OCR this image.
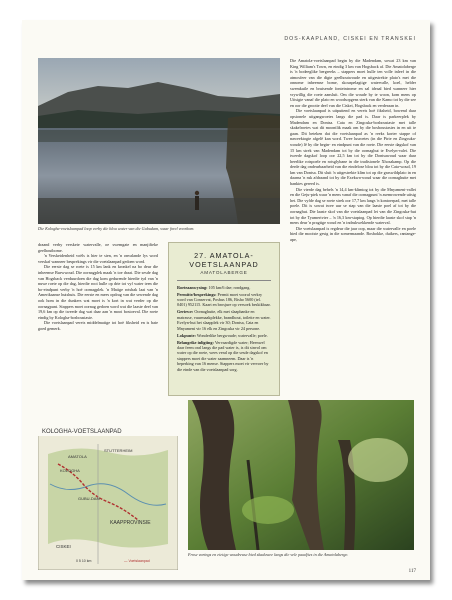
DOS-KAAPLAND, CISKEI EN TRANSKEI
Die Kologha-voetslaanpad loop verby die blou water van die Gubudam, waar forel voorkom.

draand verby verskeie watervalle, oe swemgate en manjifieke geelhoutbome.

'n Verskeidenheid voëls is hier te sien, en 'n onvalande lys word verskaf wanneer besprekings vir die voetslaanpad gedoen word.

Die eerste dag se roete is 15 km lank en kronkel na bo deur die inheemse Burwwoud. Die oornagplek maak 'n toe draai. Die sesde dag van Hogsback verduurdoen die dag kom gedurende hierdie tyd van 'n nuwe roete op die dag, hierdie rooi hulle op drie tot vyf water teen die bo-eindpunt verby 'n hoë oornagplek. 'n Matige rotsbak laai van 'n Amerikaanse hutshuis. Die eerste en mees opdrag van die sewende dag ook hom in die dunkers wat moet is 'n kort in wat verder op die oornagpunt. Stappers moet oornag gedoen word wat die laaste deel van 19,6 km op die tweede dag wat daar aan 'n mooi bostoeval. Die roete eindig by Kologha-bosboustasie.

Die voetslaanpad vereis middelmatige tot hoë fiksheid en is baie goed gemerk.

27. AMATOLA-VOETSLAANPAD
AMATOLABERGE
Roeteaanwysing: 105 km/6 dae; rondgang.
Permitte/besprekings: Permit moet vooraf verkry word van Conservat, Posbus 186, Bisho 5600 (tel. 0401) 952115. Kaart en brosjure op versoek beskikbaar.
Geriewe: Oornaghutte, elk met slaapbanke en matrasse, vuurmaakplekke, brandhout, toilette en water. Evelyn-hut het slaapplek vir 30; Dontsa, Cata en Mnyameni vir 16 elk en Zingcuka vir 24 persone.
Lokpunte: Wonderlike bergwoude; watervalle; poele.
Belangrike inligting: Vervaardigde water; Heenwel daar feem oral langs die pad water is, is dit sinvol om water op die roete, wees veral op die sesde dagskof en stappers moet die water saamneem. Daar is 'n beperking van 16 mense. Stappers moet vir vervoer by die einde van die voetslaanpad sorg.

Die Amatola-voetslaanpad begin by die Madendam, sowat 23 km van King William's Town, en eindig 3 km van Hogsback af. Die Amatolaberge is 'n bodeeglike bergreeks – stappers moet hulle ten volle inleef in die atmosfeer van die digte geelhoutwoude en uitgestrekte plato's met die onnome inheemse bome, skouspelagtige watervalle, koel, helder swemkuile en bruisende fonteintrome en sal ideaal bied wanneer hier vrywillig die roete aansluit. Om die woude by te woon, kom mens op Uitsigte vanaf die plato en woodsopgens sterk van die Kamo tot by die see en oor die grootte deel van die Ciskei, Hogsback en verderaan in.

Die voetslaanpad is uitputtend en vereis hoë fiksheid, bowend daar opsionele uitgangsroetes langs die pad is. Daar is parkeerplek by Madendam en Dontsa. Cata en Zingcuka-bosboustasie met talle skakelroetes wat dit moontlik maak om by die bosboustasies in en uit te gaan. Dit beteken dat die voetslaanpad as 'n reeks korter stappe of naweektogte afgelê kan word. Twee lusroetes (in die Pirie en Zingcuka-woude) lê by die begin- en eindpunt van die roete. Die eerste dagskof van 15 km strek van Madendam tot by die oornaghut te Evelyn-valei. Die tweede dagskof loop oor 22,5 km tot by die Dontsawoud waar daar heerlike rotspoele en rotsglybane in die tradisionele Xhosakamp. Op die derde dag ondeurbaarheid van die eindelose blou tot by die Cata-woud, 19 km van Dontsa. Dit sluit 'n uitgestrekte klim tot op die graswildplato in en daarna 'n ruk afdraand tot by die Exekwa-woud waar die oornaghutte met bankies gereed is.

Die vierde dag behels 'n 14,4 km-klimtog tot by die Mnyameni-vallei en die Geju-piek waar 'n mens vanaf die oornagpunt 'n asemrowende uitsig het. Die vyfde dag se roete strek oor 17,7 km langs 'n kontoerpad, met talle poele. Dit is sowat twee uur se stap van die laaste poel af tot by die oornaghut. Die laaste skof van die voetslaanpad lei van die Zingcuka-hut tot by die Tyumerivier – 'n 16,3 km-staptog. Op hierdie laaste skof stap 'n mens deur 'n pragtige woud en 'n indrukwekkende waterval.

Die voetslaanpad is regdeur die jaar oop, maar die watervalle en poele bied die mooiste gesig in die somermaande. Bosbokke, duikers, rantange-ape,

KOLOGHA-VOETSLAANPAD
STUTTERHEIM
KOLOGHA
GUBU-DAM
KAAPPROVINSIE
CISKEI
AMATOLA
0 5 10 km	— Voetslaanpad
Frose varings en eietige woudreuse bied skaduwee langs die vele paadjies in die Amatolaberge.
117
